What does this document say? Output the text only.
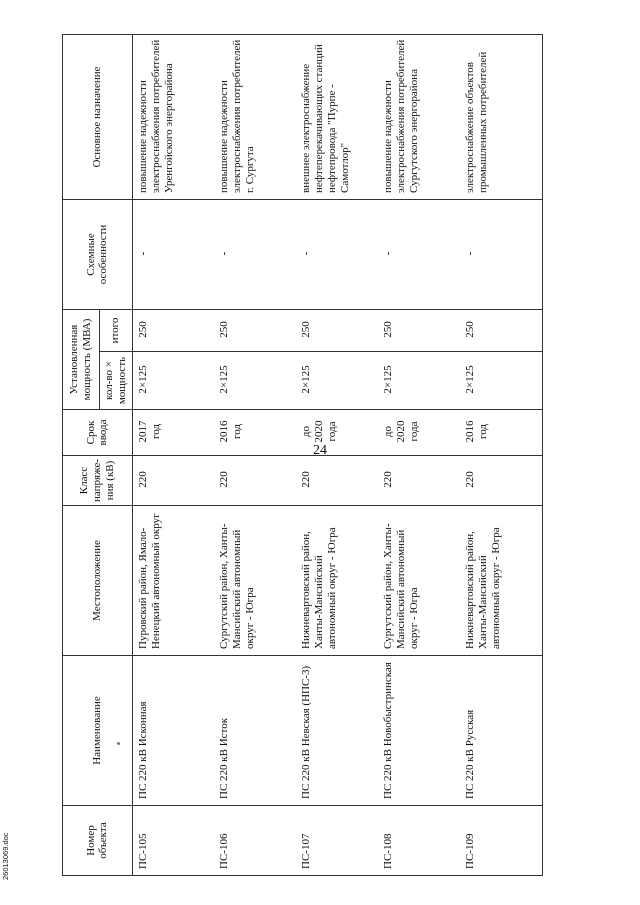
24
26013069.doc	Номер объекта	Наименование	Местоположение	Класс напряже-ния (кВ)	Срок ввода	Установленная мощность (МВА)		Схемные особенности	Основное назначение
					кол-во × мощность	итого		
ПС-105	ПС 220 кВ Исконная	Пуровский район, Ямало-Ненецкий автономный округ	220	2017 год	2×125	250	-	повышение надежности электроснабжения потребителей Уренгойского энергорайона
ПС-106	ПС 220 кВ Исток	Сургутский район, Ханты-Мансийский автономный округ - Югра	220	2016 год	2×125	250	-	повышение надежности электроснабжения потребителей г. Сургута
ПС-107	ПС 220 кВ Невская (НПС-3)	Нижневартовский район, Ханты-Мансийский автономный округ - Югра	220	до 2020 года	2×125	250	-	внешнее электроснабжение нефтеперекачивающих станций нефтепровода "Пурпе - Самотлор"
ПС-108	ПС 220 кВ Новобыстринская	Сургутский район, Ханты-Мансийский автономный округ - Югра	220	до 2020 года	2×125	250	-	повышение надежности электроснабжения потребителей Сургутского энергорайона
ПС-109	ПС 220 кВ Русская	Нижневартовский район, Ханты-Мансийский автономный округ - Югра	220	2016 год	2×125	250	-	электроснабжение объектов промышленных потребителей
